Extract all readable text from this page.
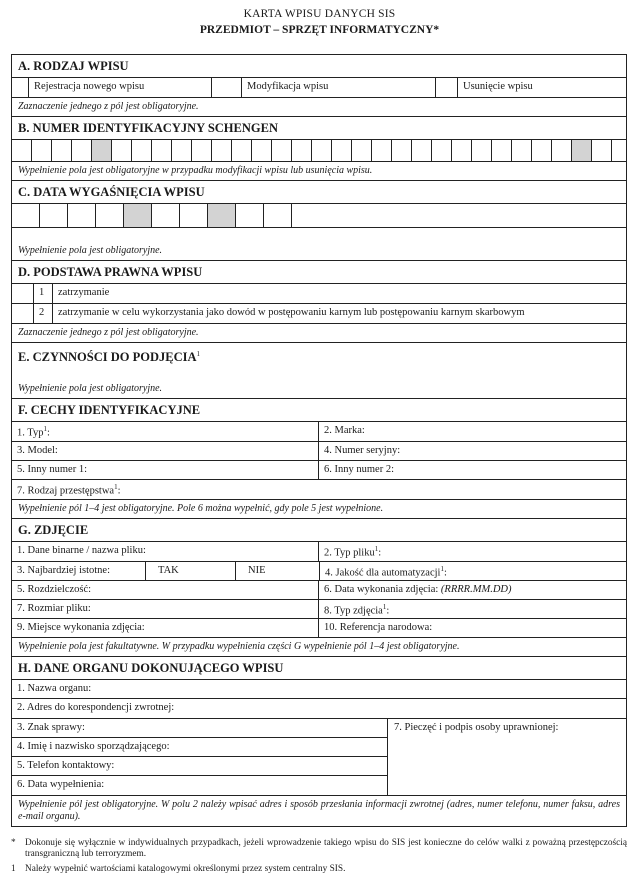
KARTA WPISU DANYCH SIS
PRZEDMIOT – SPRZĘT INFORMATYCZNY*
A. RODZAJ WPISU
Rejestracja nowego wpisu	Modyfikacja wpisu	Usunięcie wpisu
Zaznaczenie jednego z pól jest obligatoryjne.
B. NUMER IDENTYFIKACYJNY SCHENGEN
Wypełnienie pola jest obligatoryjne w przypadku modyfikacji wpisu lub usunięcia wpisu.
C. DATA WYGAŚNIĘCIA WPISU
Wypełnienie pola jest obligatoryjne.
D. PODSTAWA PRAWNA WPISU
1	zatrzymanie
2	zatrzymanie w celu wykorzystania jako dowód w postępowaniu karnym lub postępowaniu karnym skarbowym
Zaznaczenie jednego z pól jest obligatoryjne.
E. CZYNNOŚCI DO PODJĘCIA$^1$
Wypełnienie pola jest obligatoryjne.
F. CECHY IDENTYFIKACYJNE
1. Typ$^1$:	2. Marka:
3. Model:	4. Numer seryjny:
5. Inny numer 1:	6. Inny numer 2:
7. Rodzaj przestępstwa$^1$:
Wypełnienie pól 1–4 jest obligatoryjne. Pole 6 można wypełnić, gdy pole 5 jest wypełnione.
G. ZDJĘCIE
1. Dane binarne / nazwa pliku:	2. Typ pliku$^1$:
3. Najbardziej istotne:	TAK	NIE	4. Jakość dla automatyzacji$^1$:
5. Rozdzielczość:	6. Data wykonania zdjęcia: (RRRR.MM.DD)
7. Rozmiar pliku:	8. Typ zdjęcia$^1$:
9. Miejsce wykonania zdjęcia:	10. Referencja narodowa:
Wypełnienie pola jest fakultatywne. W przypadku wypełnienia części G wypełnienie pól 1–4 jest obligatoryjne.
H. DANE ORGANU DOKONUJĄCEGO WPISU
1. Nazwa organu:
2. Adres do korespondencji zwrotnej:
3. Znak sprawy:
4. Imię i nazwisko sporządzającego:
5. Telefon kontaktowy:
6. Data wypełnienia:
7. Pieczęć i podpis osoby uprawnionej:
Wypełnienie pól jest obligatoryjne. W polu 2 należy wpisać adres i sposób przesłania informacji zwrotnej (adres, numer telefonu, numer faksu, adres e-mail organu).
*	Dokonuje się wyłącznie w indywidualnych przypadkach, jeżeli wprowadzenie takiego wpisu do SIS jest konieczne do celów walki z poważną przestępczością transgraniczną lub terroryzmem.
1	Należy wypełnić wartościami katalogowymi określonymi przez system centralny SIS.
